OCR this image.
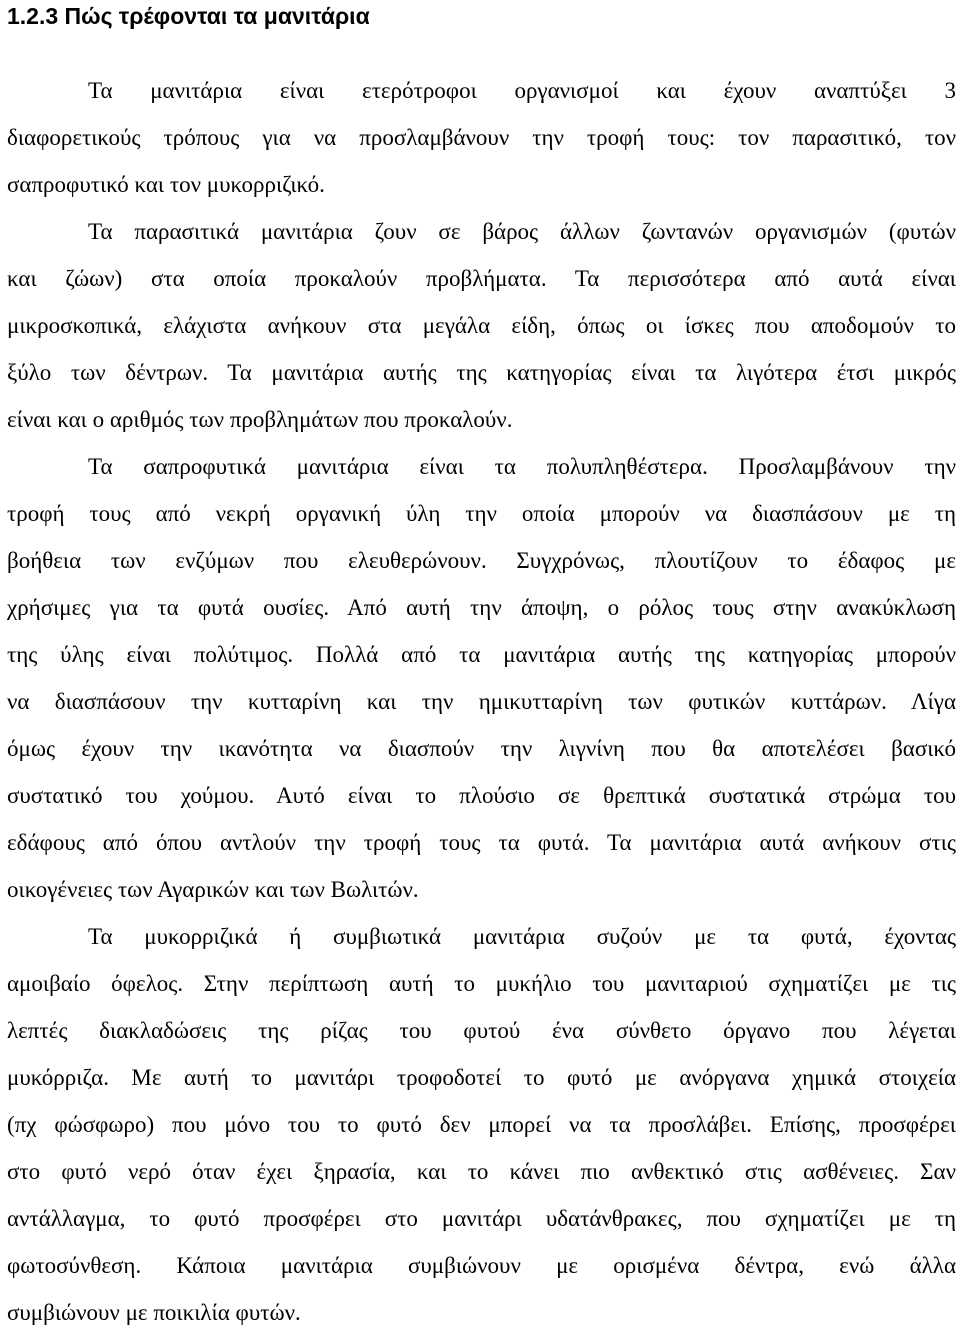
1.2.3 Πώς τρέφονται τα μανιτάρια
Τα μανιτάρια είναι ετερότροφοι οργανισμοί και έχουν αναπτύξει 3
διαφορετικούς τρόπους για να προσλαμβάνουν την τροφή τους: τον παρασιτικό, τον
σαπροφυτικό και τον μυκορριζικό.
Τα παρασιτικά μανιτάρια ζουν σε βάρος άλλων ζωντανών οργανισμών (φυτών
και ζώων) στα οποία προκαλούν προβλήματα. Τα περισσότερα από αυτά είναι
μικροσκοπικά, ελάχιστα ανήκουν στα μεγάλα είδη, όπως οι ίσκες που αποδομούν το
ξύλο των δέντρων. Τα μανιτάρια αυτής της κατηγορίας είναι τα λιγότερα έτσι μικρός
είναι και ο αριθμός των προβλημάτων που προκαλούν.
Τα σαπροφυτικά μανιτάρια είναι τα πολυπληθέστερα. Προσλαμβάνουν την
τροφή τους από νεκρή οργανική ύλη την οποία μπορούν να διασπάσουν με τη
βοήθεια των ενζύμων που ελευθερώνουν. Συγχρόνως, πλουτίζουν το έδαφος με
χρήσιμες για τα φυτά ουσίες. Από αυτή την άποψη, ο ρόλος τους στην ανακύκλωση
της ύλης είναι πολύτιμος. Πολλά από τα μανιτάρια αυτής της κατηγορίας μπορούν
να διασπάσουν την κυτταρίνη και την ημικυτταρίνη των φυτικών κυττάρων. Λίγα
όμως έχουν την ικανότητα να διασπούν την λιγνίνη που θα αποτελέσει βασικό
συστατικό του χούμου. Αυτό είναι το πλούσιο σε θρεπτικά συστατικά στρώμα του
εδάφους από όπου αντλούν την τροφή τους τα φυτά. Τα μανιτάρια αυτά ανήκουν στις
οικογένειες των Αγαρικών και των Βωλιτών.
Τα μυκορριζικά ή συμβιωτικά μανιτάρια συζούν με τα φυτά, έχοντας
αμοιβαίο όφελος. Στην περίπτωση αυτή το μυκήλιο του μανιταριού σχηματίζει με τις
λεπτές διακλαδώσεις της ρίζας του φυτού ένα σύνθετο όργανο που λέγεται
μυκόρριζα. Με αυτή το μανιτάρι τροφοδοτεί το φυτό με ανόργανα χημικά στοιχεία
(πχ φώσφωρο) που μόνο του το φυτό δεν μπορεί να τα προσλάβει. Επίσης, προσφέρει
στο φυτό νερό όταν έχει ξηρασία, και το κάνει πιο ανθεκτικό στις ασθένειες. Σαν
αντάλλαγμα, το φυτό προσφέρει στο μανιτάρι υδατάνθρακες, που σχηματίζει με τη
φωτοσύνθεση. Κάποια μανιτάρια συμβιώνουν με ορισμένα δέντρα, ενώ άλλα
συμβιώνουν με ποικιλία φυτών.
